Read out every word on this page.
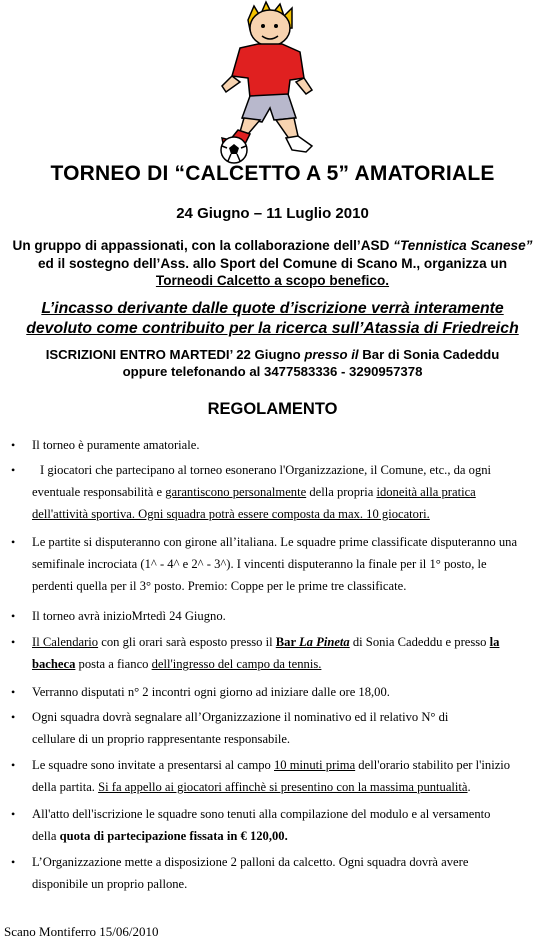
TORNEO DI “CALCETTO A 5” AMATORIALE
24 Giugno – 11 Luglio 2010
Un gruppo di appassionati, con la collaborazione dell’ASD “Tennistica Scanese”
ed il sostegno dell’Ass. allo Sport del Comune di Scano M., organizza un
Torneodi Calcetto a scopo benefico.
L’incasso derivante dalle quote d’iscrizione verrà interamente
devoluto come contribuito per la ricerca sull’Atassia di Friedreich
ISCRIZIONI ENTRO MARTEDI’ 22 Giugno presso il Bar di Sonia Cadeddu
oppure telefonando al 3477583336 - 3290957378
REGOLAMENTO
• Il torneo è puramente amatoriale.
•	I giocatori che partecipano al torneo esonerano l'Organizzazione, il Comune, etc., da ogni
eventuale responsabilità e garantiscono personalmente della propria idoneità alla pratica
dell'attività sportiva. Ogni squadra potrà essere composta da max. 10 giocatori.
• Le partite si disputeranno con girone all’italiana. Le squadre prime classificate disputeranno una
semifinale incrociata (1^ - 4^ e 2^ - 3^). I vincenti disputeranno la finale per il 1° posto, le
perdenti quella per il 3° posto. Premio: Coppe per le prime tre classificate.
• Il torneo avrà inizioMrtedì 24 Giugno.
• Il Calendario con gli orari sarà esposto presso il Bar La Pineta di Sonia Cadeddu e presso la
bacheca posta a fianco dell'ingresso del campo da tennis.
• Verranno disputati n° 2 incontri ogni giorno ad iniziare dalle ore 18,00.
• Ogni squadra dovrà segnalare all’Organizzazione il nominativo ed il relativo N° di
cellulare di un proprio rappresentante responsabile.
• Le squadre sono invitate a presentarsi al campo 10 minuti prima dell'orario stabilito per l'inizio
della partita. Si fa appello ai giocatori affinchè si presentino con la massima puntualità.
• All'atto dell'iscrizione le squadre sono tenuti alla compilazione del modulo e al versamento
della quota di partecipazione fissata in € 120,00.
• L’Organizzazione mette a disposizione 2 palloni da calcetto. Ogni squadra dovrà avere
disponibile un proprio pallone.
Scano Montiferro 15/06/2010
